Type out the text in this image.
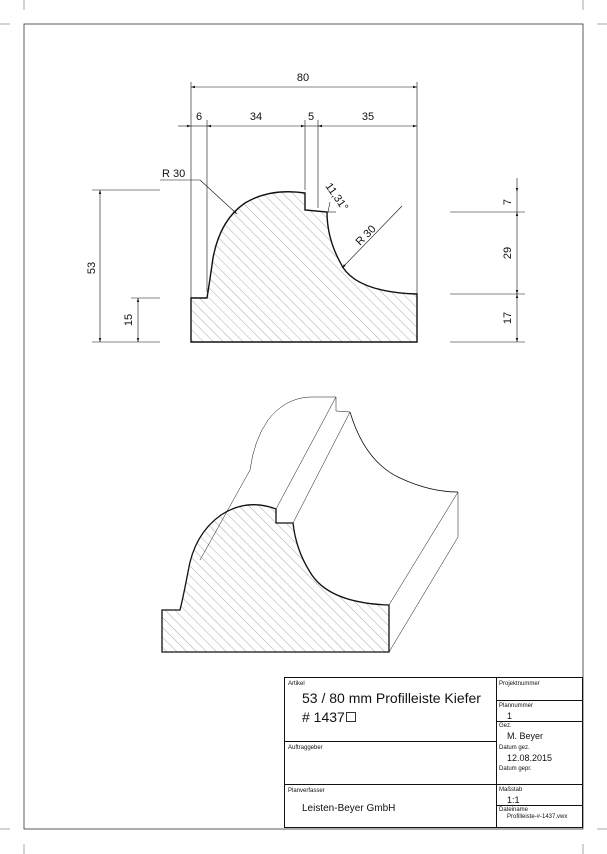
80
6	34	5	35
53
15
7
29
17
R 30
R 30
11,31°
Artikel
53 / 80 mm Profilleiste Kiefer
# 1437
Auftraggeber
Planverfasser
Leisten-Beyer GmbH
Projektnummer
Plannummer
1
Gez.
M. Beyer
Datum gez.
12.08.2015
Datum gepr.
Maßstab
1:1
Dateiname
Profilleiste-#-1437.vwx
